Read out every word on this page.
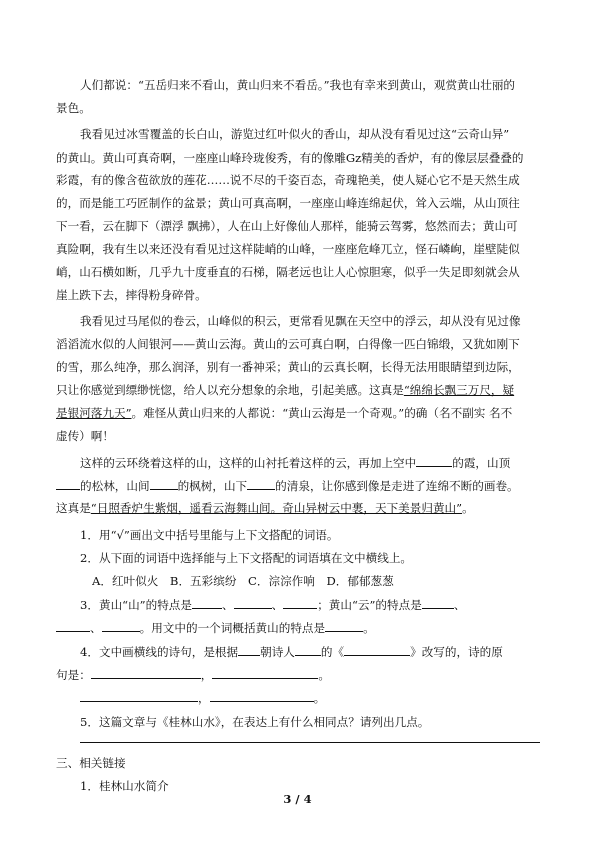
人们都说：“五岳归来不看山，黄山归来不看岳。”我也有幸来到黄山，观赏黄山壮丽的
景色。
我看见过冰雪覆盖的长白山，游览过红叶似火的香山，却从没有看见过这“云奇山异”
的黄山。黄山可真奇啊，一座座山峰玲珑俊秀，有的像雕Gz精美的香炉，有的像层层叠叠的
彩霞，有的像含苞欲放的莲花……说不尽的千姿百态，奇瑰艳美，使人疑心它不是天然生成
的，而是能工巧匠制作的盆景；黄山可真高啊，一座座山峰连绵起伏，耸入云端，从山顶往
下一看，云在脚下（漂浮 飘拂），人在山上好像仙人那样，能骑云驾雾，悠然而去；黄山可
真险啊，我有生以来还没有看见过这样陡峭的山峰，一座座危峰兀立，怪石嶙峋，崖壁陡似
峭，山石横如断，几乎九十度垂直的石梯，隔老远也让人心惊胆寒，似乎一失足即刻就会从
崖上跌下去，摔得粉身碎骨。
我看见过马尾似的卷云，山峰似的积云，更常看见飘在天空中的浮云，却从没有见过像
滔滔流水似的人间银河——黄山云海。黄山的云可真白啊，白得像一匹白锦缎，又犹如刚下
的雪，那么纯净，那么润泽，别有一番神采；黄山的云真长啊，长得无法用眼睛望到边际，
只让你感觉到缥缈恍惚，给人以充分想象的余地，引起美感。这真是“绵绵长飘三万尺，疑
是银河落九天”。难怪从黄山归来的人都说：“黄山云海是一个奇观。”的确（名不副实 名不
虚传）啊！
这样的云环绕着这样的山，这样的山衬托着这样的云，再加上空中	的霞，山顶
的松林，山间 的枫树，山下 的清泉，让你感到像是走进了连绵不断的画卷。
这真是“日照香炉生紫烟，遥看云海舞山间。奇山异树云中裹，天下美景归黄山”。
1．用“√”画出文中括号里能与上下文搭配的词语。
2．从下面的词语中选择能与上下文搭配的词语填在文中横线上。
A．红叶似火　B．五彩缤纷　C．淙淙作响　D．郁郁葱葱
3．黄山“山”的特点是	、	、	；黄山“云”的特点是	、
、	。用文中的一个词概括黄山的特点是	。
4．文中画横线的诗句，是根据 朝诗人 的《	》改写的，诗的原
句是：	，	。
，	。
5．这篇文章与《桂林山水》，在表达上有什么相同点？请列出几点。
三、相关链接
1．桂林山水简介
3 / 4
